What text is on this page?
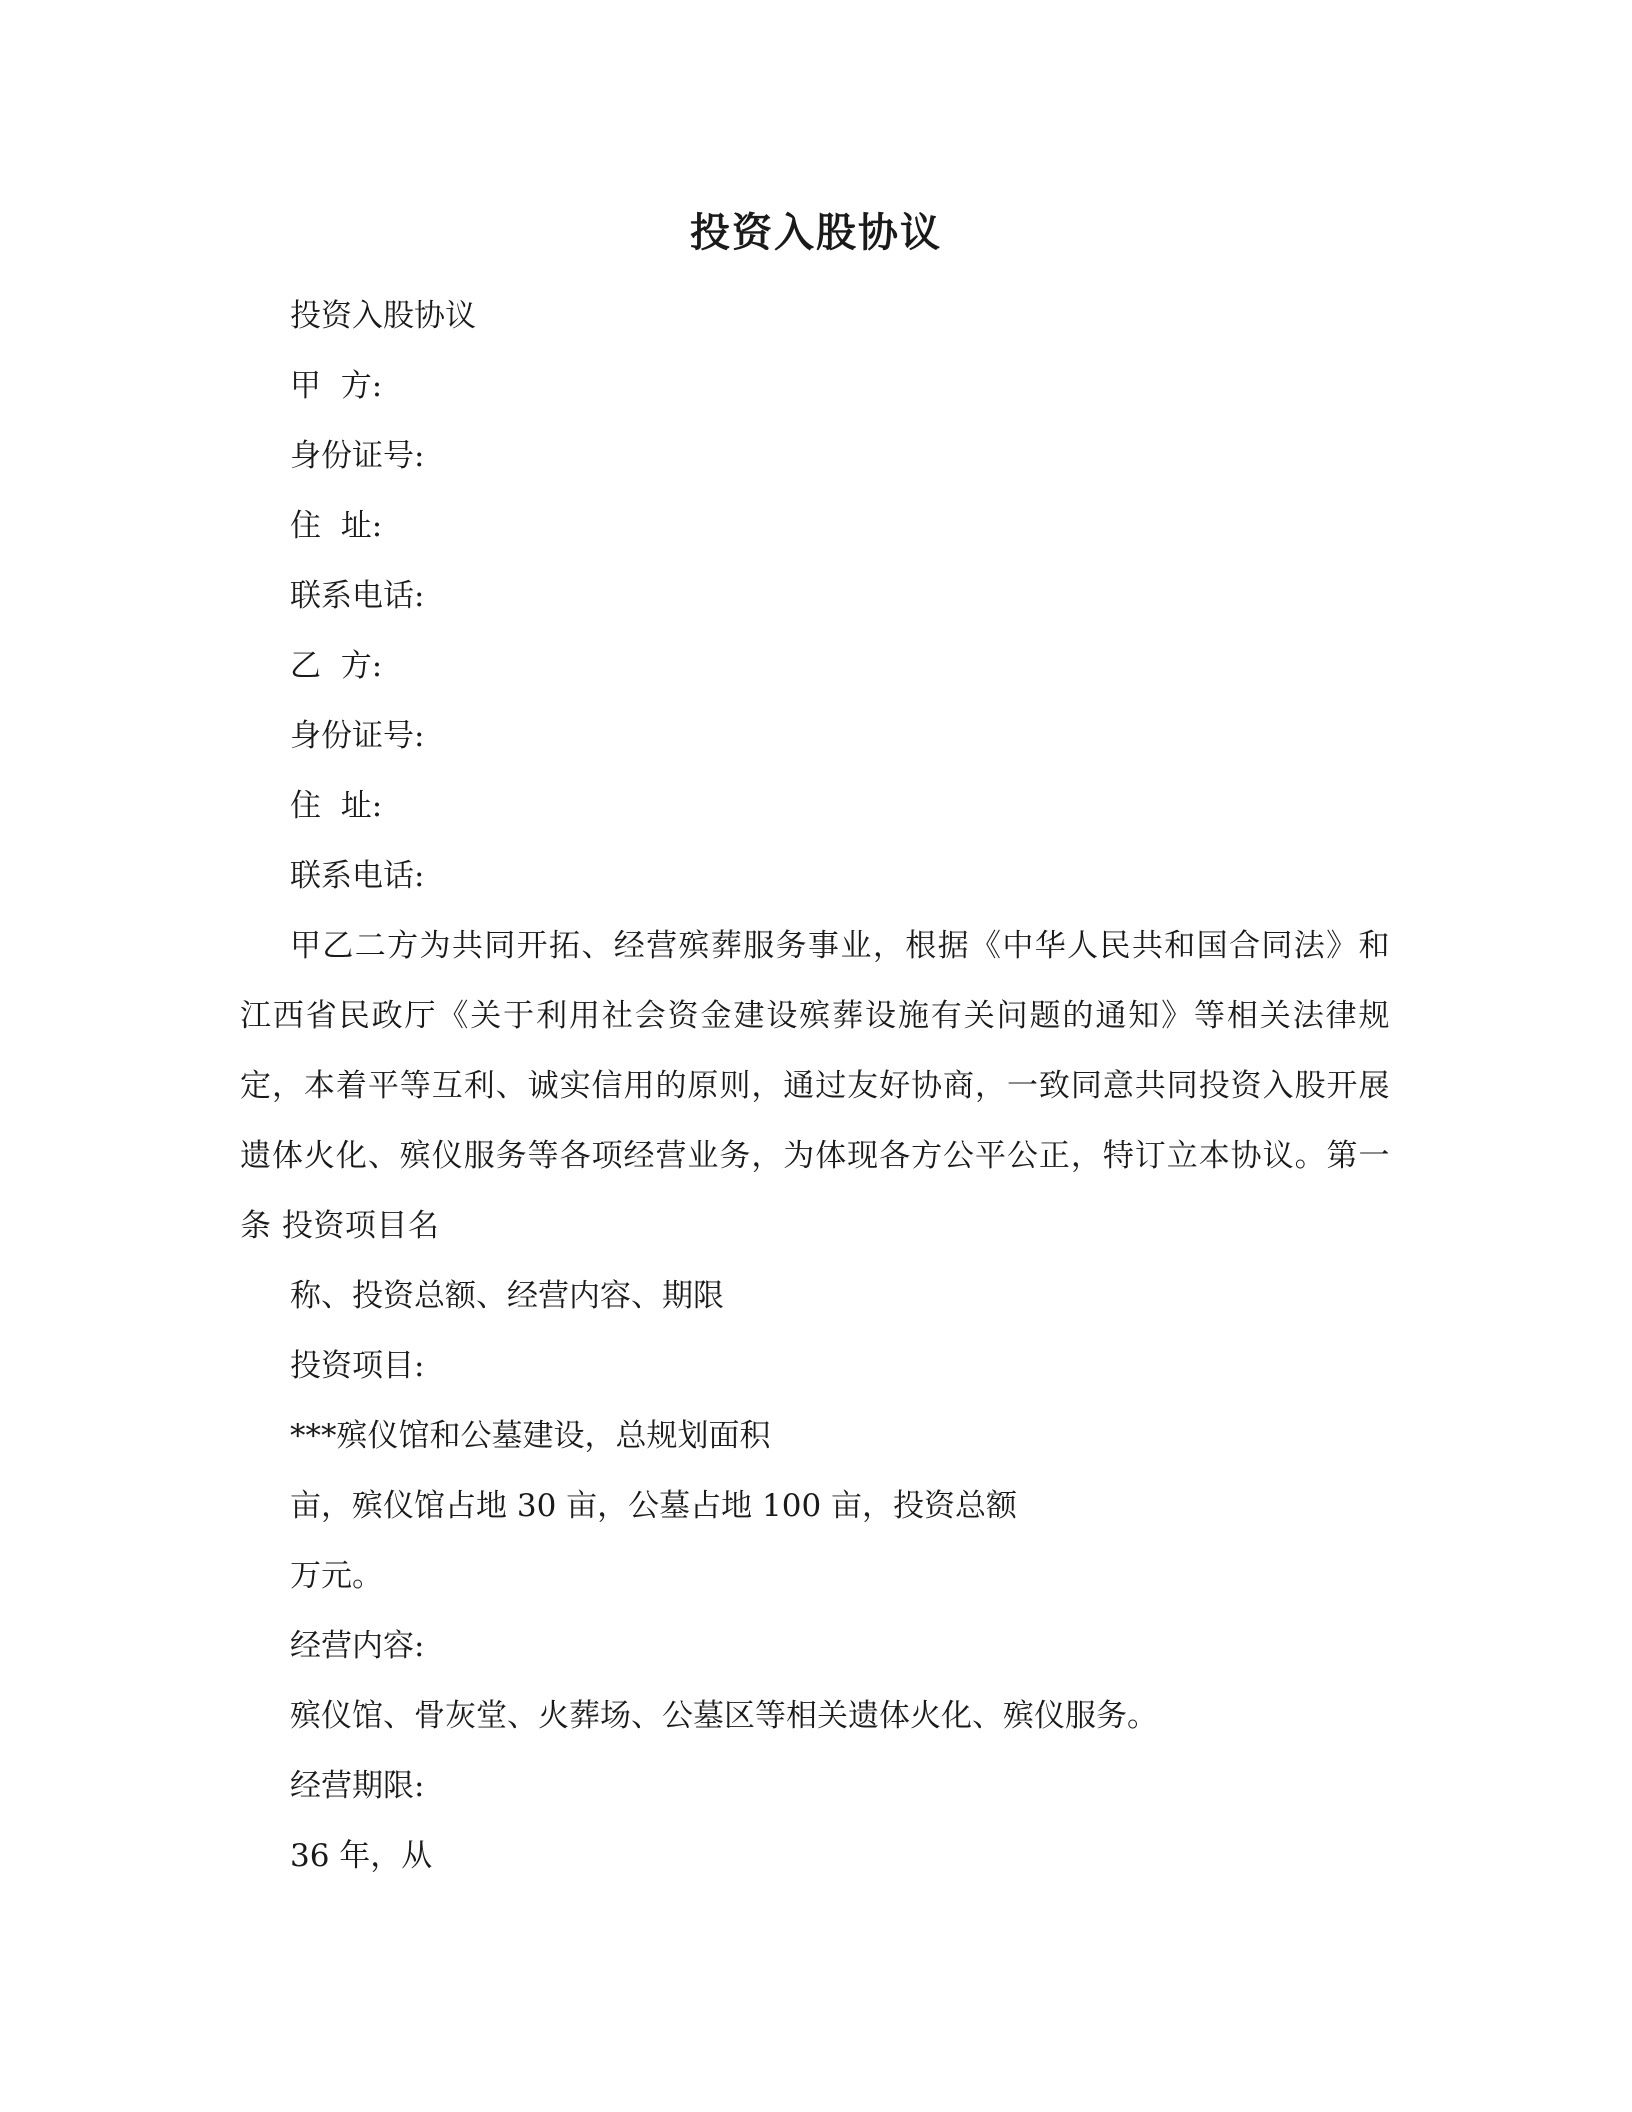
投资入股协议
投资入股协议
甲  方:
身份证号:
住  址:
联系电话:
乙  方:
身份证号:
住  址:
联系电话:
甲乙二方为共同开拓、经营殡葬服务事业，根据《中华人民共和国合同法》和江西省民政厅《关于利用社会资金建设殡葬设施有关问题的通知》等相关法律规定，本着平等互利、诚实信用的原则，通过友好协商，一致同意共同投资入股开展遗体火化、殡仪服务等各项经营业务，为体现各方公平公正，特订立本协议。第一条 投资项目名
称、投资总额、经营内容、期限
投资项目:
***殡仪馆和公墓建设，总规划面积
亩，殡仪馆占地 30 亩，公墓占地 100 亩，投资总额
万元。
经营内容:
殡仪馆、骨灰堂、火葬场、公墓区等相关遗体火化、殡仪服务。
经营期限:
36 年，从
